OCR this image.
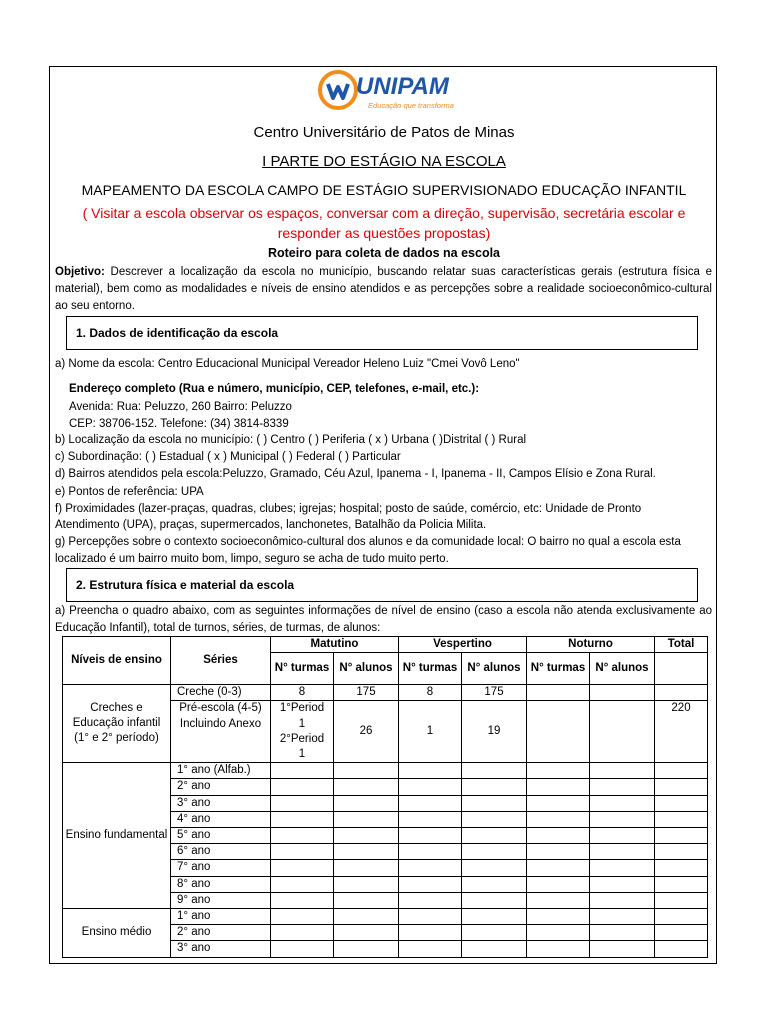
UNIPAM
Educação que transforma
Centro Universitário de Patos de Minas
I PARTE DO ESTÁGIO NA ESCOLA
MAPEAMENTO DA ESCOLA CAMPO DE ESTÁGIO SUPERVISIONADO EDUCAÇÃO INFANTIL
( Visitar a escola observar os espaços, conversar com a direção, supervisão, secretária escolar e responder as questões propostas)
Roteiro para coleta de dados na escola
Objetivo: Descrever a localização da escola no município, buscando relatar suas características gerais (estrutura física e material), bem como as modalidades e níveis de ensino atendidos e as percepções sobre a realidade socioeconômico-cultural ao seu entorno.
1. Dados de identificação da escola
a) Nome da escola: Centro Educacional Municipal Vereador Heleno Luiz "Cmei Vovô Leno"
Endereço completo (Rua e número, município, CEP, telefones, e-mail, etc.):
Avenida: Rua: Peluzzo, 260 Bairro: Peluzzo
CEP: 38706-152. Telefone: (34) 3814-8339
b) Localização da escola no município: ( ) Centro ( ) Periferia ( x ) Urbana ( )Distrital ( ) Rural
c) Subordinação: ( ) Estadual ( x ) Municipal ( ) Federal ( ) Particular
d) Bairros atendidos pela escola:Peluzzo, Gramado, Céu Azul, Ipanema - I, Ipanema - II, Campos Elísio e Zona Rural.
e) Pontos de referência: UPA
f) Proximidades (lazer-praças, quadras, clubes; igrejas; hospital; posto de saúde, comércio, etc: Unidade de Pronto
Atendimento (UPA), praças, supermercados, lanchonetes, Batalhão da Policia Milita.
g) Percepções sobre o contexto socioeconômico-cultural dos alunos e da comunidade local: O bairro no qual a escola esta
localizado é um bairro muito bom, limpo, seguro se acha de tudo muito perto.
2. Estrutura física e material da escola
a) Preencha o quadro abaixo, com as seguintes informações de nível de ensino (caso a escola não atenda exclusivamente ao Educação Infantil), total de turnos, séries, de turmas, de alunos:
Níveis de ensino	Séries	Matutino		Vespertino		Noturno		Total
		N° turmas	N° alunos	N° turmas	N° alunos	N° turmas	N° alunos	
Creches e Educação infantil (1° e 2° período)	Creche (0-3)	8	175	8	175			
	Pré-escola (4-5) Incluindo Anexo	1°Period 1 2°Period 1	26	1	19			220
Ensino fundamental	1° ano (Alfab.)							
	2° ano							
	3° ano							
	4° ano							
	5° ano							
	6° ano							
	7° ano							
	8° ano							
	9° ano							
Ensino médio	1° ano							
	2° ano							
	3° ano							
